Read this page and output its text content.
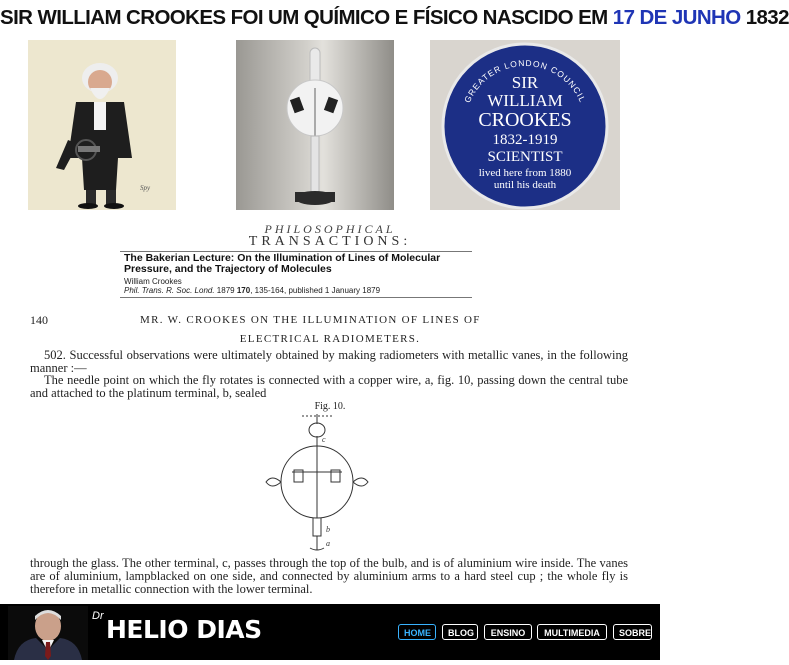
SIR WILLIAM CROOKES FOI UM QUÍMICO E FÍSICO NASCIDO EM 17 DE JUNHO 1832
Spy
GREATER LONDON COUNCIL
SIR
WILLIAM
CROOKES
1832-1919
SCIENTIST
lived here from 1880
until his death
PHILOSOPHICAL
TRANSACTIONS:
The Bakerian Lecture: On the Illumination of Lines of Molecular Pressure, and the Trajectory of Molecules
William Crookes
Phil. Trans. R. Soc. Lond. 1879 170, 135-164, published 1 January 1879
140	MR. W. CROOKES ON THE ILLUMINATION OF LINES OF
ELECTRICAL RADIOMETERS.

502. Successful observations were ultimately obtained by making radiometers with metallic vanes, in the following manner :—

The needle point on which the fly rotates is connected with a copper wire, a, fig. 10, passing down the central tube and attached to the platinum terminal, b, sealed

Fig. 10.
c
b
a

through the glass. The other terminal, c, passes through the top of the bulb, and is of aluminium wire inside. The vanes are of aluminium, lampblacked on one side, and connected by aluminium arms to a hard steel cup ; the whole fly is therefore in metallic connection with the lower terminal.

Dr HELIO DIAS	HOME	BLOG	ENSINO	MULTIMEDIA	SOBRE
